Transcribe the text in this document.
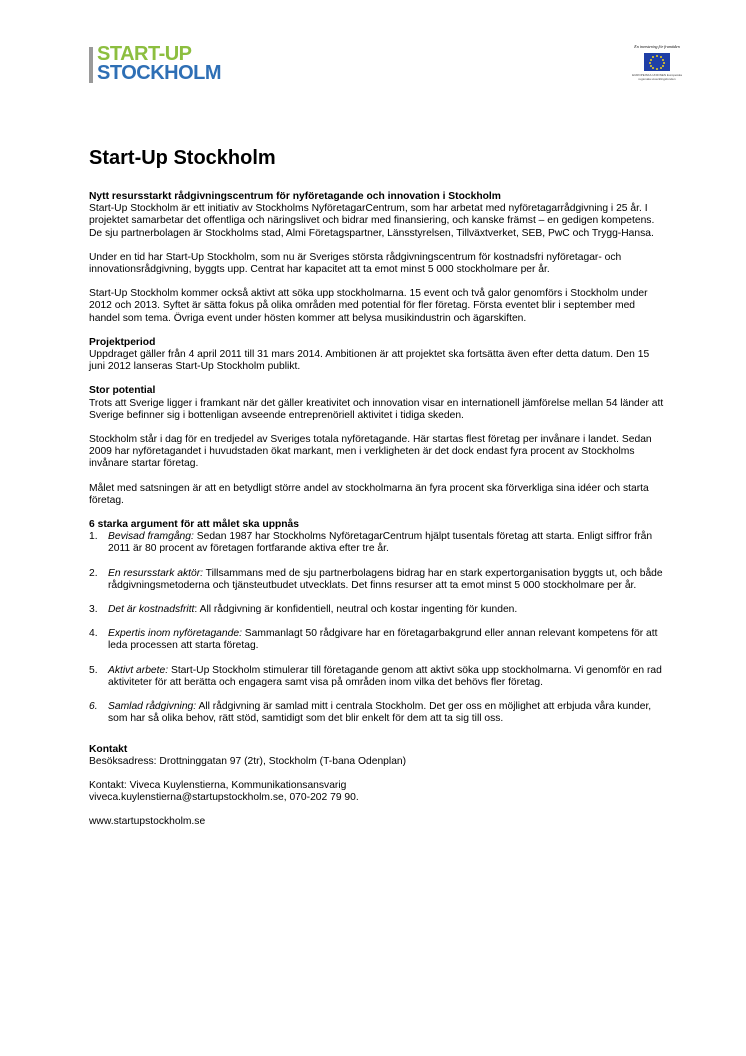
START-UP
STOCKHOLM
En investering för framtiden
EUROPEISKA UNIONEN Europeiska regionala utvecklingsfonden
Start-Up Stockholm

Nytt resursstarkt rådgivningscentrum för nyföretagande och innovation i Stockholm
Start-Up Stockholm är ett initiativ av Stockholms NyföretagarCentrum, som har arbetat med nyföretagarrådgivning i 25 år. I projektet samarbetar det offentliga och näringslivet och bidrar med finansiering, och kanske främst – en gedigen kompetens. De sju partnerbolagen är Stockholms stad, Almi Företagspartner, Länsstyrelsen, Tillväxtverket, SEB, PwC och Trygg-Hansa.

Under en tid har Start-Up Stockholm, som nu är Sveriges största rådgivningscentrum för kostnadsfri nyföretagar- och innovationsrådgivning, byggts upp. Centrat har kapacitet att ta emot minst 5 000 stockholmare per år.

Start-Up Stockholm kommer också aktivt att söka upp stockholmarna. 15 event och två galor genomförs i Stockholm under 2012 och 2013. Syftet är sätta fokus på olika områden med potential för fler företag. Första eventet blir i september med handel som tema. Övriga event under hösten kommer att belysa musikindustrin och ägarskiften.

Projektperiod
Uppdraget gäller från 4 april 2011 till 31 mars 2014. Ambitionen är att projektet ska fortsätta även efter detta datum. Den 15 juni 2012 lanseras Start-Up Stockholm publikt.

Stor potential
Trots att Sverige ligger i framkant när det gäller kreativitet och innovation visar en internationell jämförelse mellan 54 länder att Sverige befinner sig i bottenligan avseende entreprenöriell aktivitet i tidiga skeden.

Stockholm står i dag för en tredjedel av Sveriges totala nyföretagande. Här startas flest företag per invånare i landet. Sedan 2009 har nyföretagandet i huvudstaden ökat markant, men i verkligheten är det dock endast fyra procent av Stockholms invånare startar företag.

Målet med satsningen är att en betydligt större andel av stockholmarna än fyra procent ska förverkliga sina idéer och starta företag.

6 starka argument för att målet ska uppnås
1. Bevisad framgång: Sedan 1987 har Stockholms NyföretagarCentrum hjälpt tusentals företag att starta. Enligt siffror från 2011 är 80 procent av företagen fortfarande aktiva efter tre år.
2. En resursstark aktör: Tillsammans med de sju partnerbolagens bidrag har en stark expertorganisation byggts ut, och både rådgivningsmetoderna och tjänsteutbudet utvecklats. Det finns resurser att ta emot minst 5 000 stockholmare per år.
3. Det är kostnadsfritt: All rådgivning är konfidentiell, neutral och kostar ingenting för kunden.
4. Expertis inom nyföretagande: Sammanlagt 50 rådgivare har en företagarbakgrund eller annan relevant kompetens för att leda processen att starta företag.
5. Aktivt arbete: Start-Up Stockholm stimulerar till företagande genom att aktivt söka upp stockholmarna. Vi genomför en rad aktiviteter för att berätta och engagera samt visa på områden inom vilka det behövs fler företag.
6. Samlad rådgivning: All rådgivning är samlad mitt i centrala Stockholm. Det ger oss en möjlighet att erbjuda våra kunder, som har så olika behov, rätt stöd, samtidigt som det blir enkelt för dem att ta sig till oss.

Kontakt
Besöksadress: Drottninggatan 97 (2tr), Stockholm (T-bana Odenplan)

Kontakt: Viveca Kuylenstierna, Kommunikationsansvarig
viveca.kuylenstierna@startupstockholm.se, 070-202 79 90.

www.startupstockholm.se
